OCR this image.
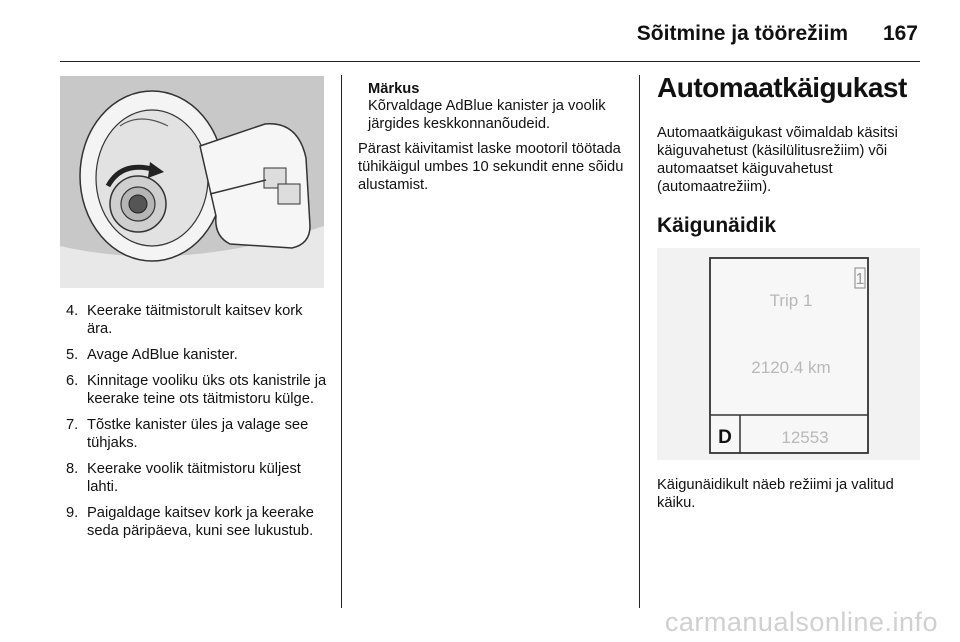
Sõitmine ja töörežiim 167
4. Keerake täitmistorult kaitsev kork ära.
5. Avage AdBlue kanister.
6. Kinnitage vooliku üks ots kanistrile ja keerake teine ots täitmistoru külge.
7. Tõstke kanister üles ja valage see tühjaks.
8. Keerake voolik täitmistoru küljest lahti.
9. Paigaldage kaitsev kork ja keerake seda päripäeva, kuni see lukustub.
Märkus
Kõrvaldage AdBlue kanister ja voolik järgides keskkonnanõudeid.
Pärast käivitamist laske mootoril töötada tühikäigul umbes 10 sekundit enne sõidu alustamist.
Automaatkäigukast
Automaatkäigukast võimaldab käsitsi käiguvahetust (käsilülitusrežiim) või automaatset käiguvahetust (automaatrežiim).
Käigunäidik
1
Trip 1
2120.4 km
D	12553
Käigunäidikult näeb režiimi ja valitud käiku.
carmanualsonline.info
